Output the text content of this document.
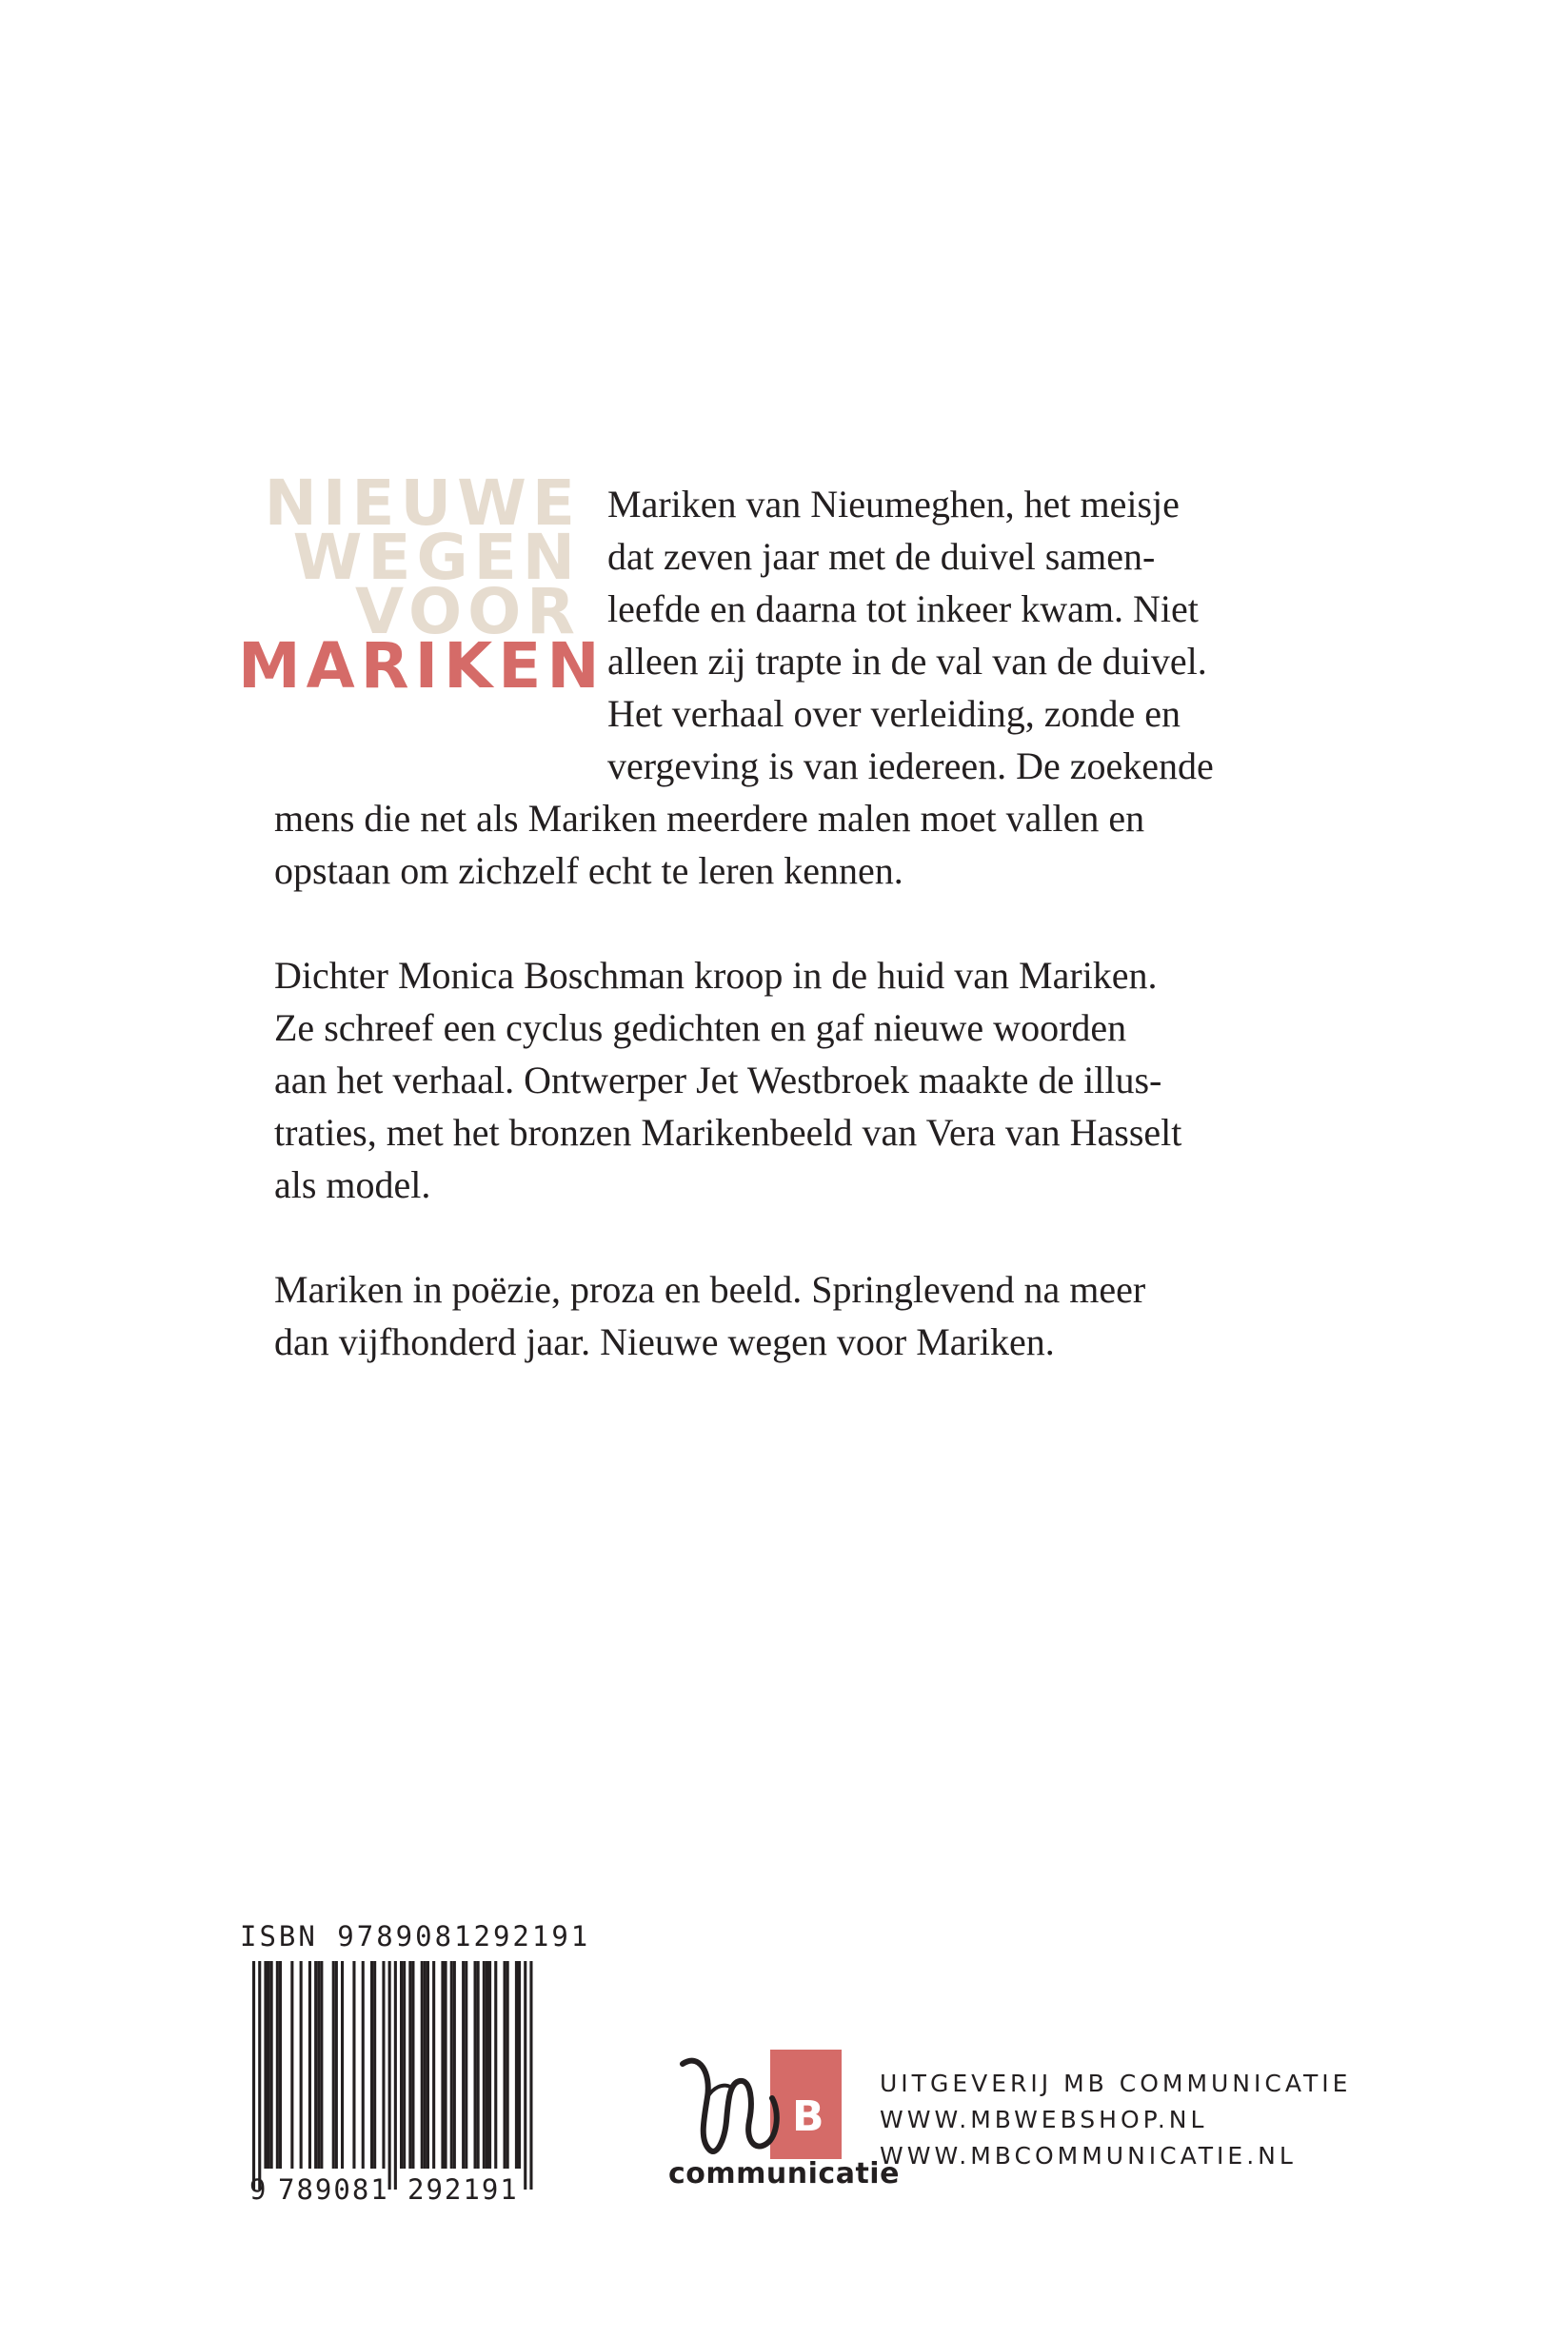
NIEUWE
WEGEN
VOOR
MARIKEN
Mariken van Nieumeghen, het meisje
dat zeven jaar met de duivel samen-
leefde en daarna tot inkeer kwam. Niet
alleen zij trapte in de val van de duivel.
Het verhaal over verleiding, zonde en
vergeving is van iedereen. De zoekende
mens die net als Mariken meerdere malen moet vallen en
opstaan om zichzelf echt te leren kennen.
Dichter Monica Boschman kroop in de huid van Mariken.
Ze schreef een cyclus gedichten en gaf nieuwe woorden
aan het verhaal. Ontwerper Jet Westbroek maakte de illus-
traties, met het bronzen Marikenbeeld van Vera van Hasselt
als model.
Mariken in poëzie, proza en beeld. Springlevend na meer
dan vijfhonderd jaar. Nieuwe wegen voor Mariken.
ISBN 9789081292191
9 789081 292191
B
communicatie
UITGEVERIJ MB COMMUNICATIE
WWW.MBWEBSHOP.NL
WWW.MBCOMMUNICATIE.NL
